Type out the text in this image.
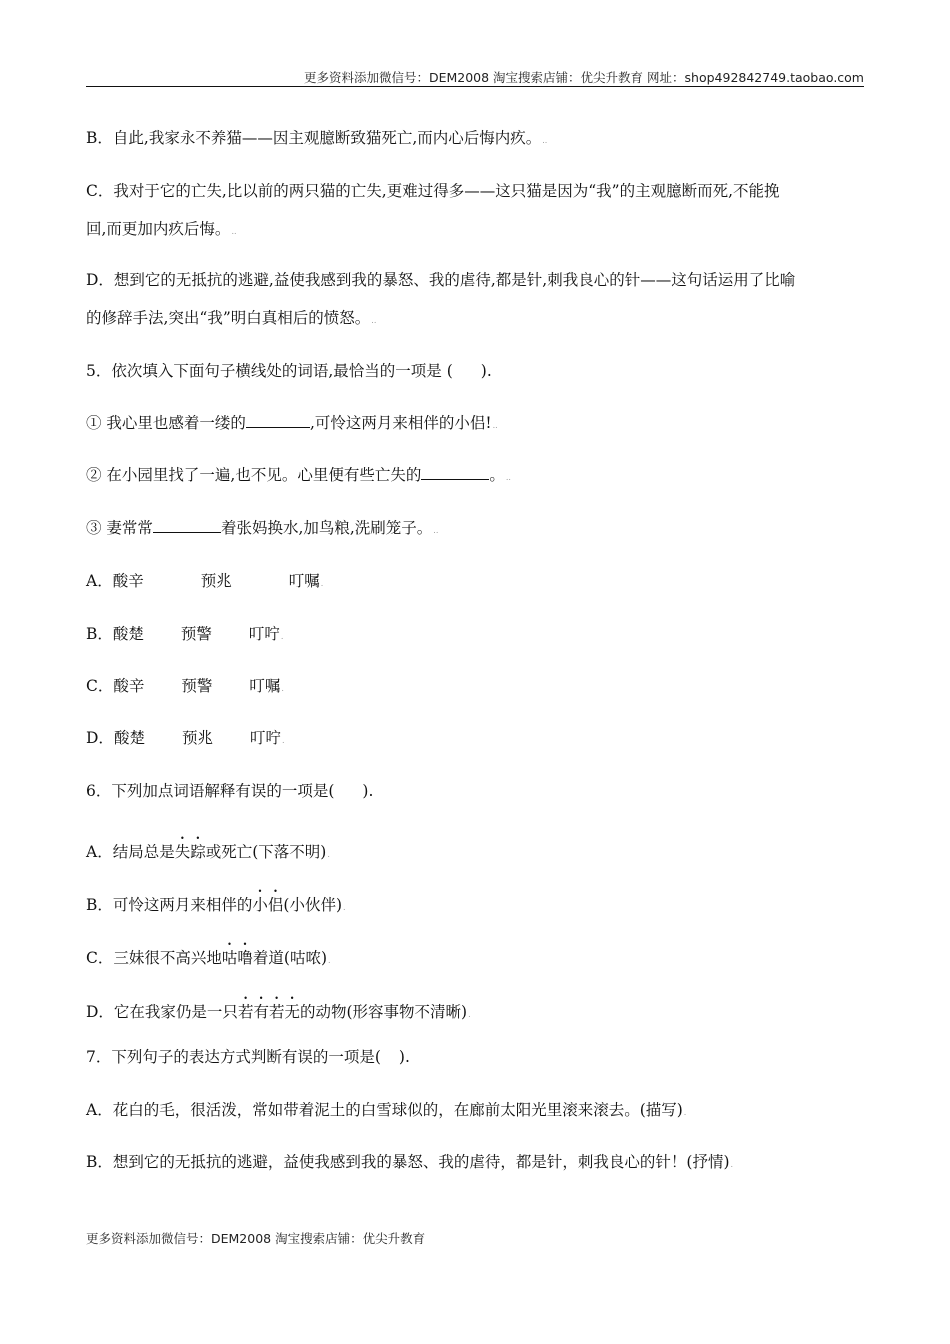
更多资料添加微信号：DEM2008 淘宝搜索店铺：优尖升教育 网址：shop492842749.taobao.com
B．自此,我家永不养猫——因主观臆断致猫死亡,而内心后悔内疚。..
C．我对于它的亡失,比以前的两只猫的亡失,更难过得多——这只猫是因为“我”的主观臆断而死,不能挽
回,而更加内疚后悔。..
D．想到它的无抵抗的逃避,益使我感到我的暴怒、我的虐待,都是针,刺我良心的针——这句话运用了比喻
的修辞手法,突出“我”明白真相后的愤怒。..
5．依次填入下面句子横线处的词语,最恰当的一项是 ( ).
① 我心里也感着一缕的	,可怜这两月来相伴的小侣!..
② 在小园里找了一遍,也不见。心里便有些亡失的	。..
③ 妻常常	着张妈换水,加鸟粮,洗刷笼子。..
A．酸辛	预兆	叮嘱.
B．酸楚 预警 叮咛.
C．酸辛 预警 叮嘱.
D．酸楚 预兆 叮咛.
6．下列加点词语解释有误的一项是( ).
A．结局总是失踪或死亡(下落不明).
B．可怜这两月来相伴的小侣(小伙伴).
C．三妹很不高兴地咕噜着道(咕哝).
D．它在我家仍是一只若有若无的动物(形容事物不清晰).
7．下列句子的表达方式判断有误的一项是( ).
A．花白的毛，很活泼，常如带着泥土的白雪球似的，在廊前太阳光里滚来滚去。(描写).
B．想到它的无抵抗的逃避，益使我感到我的暴怒、我的虐待，都是针，刺我良心的针！(抒情).
更多资料添加微信号：DEM2008 淘宝搜索店铺：优尖升教育
